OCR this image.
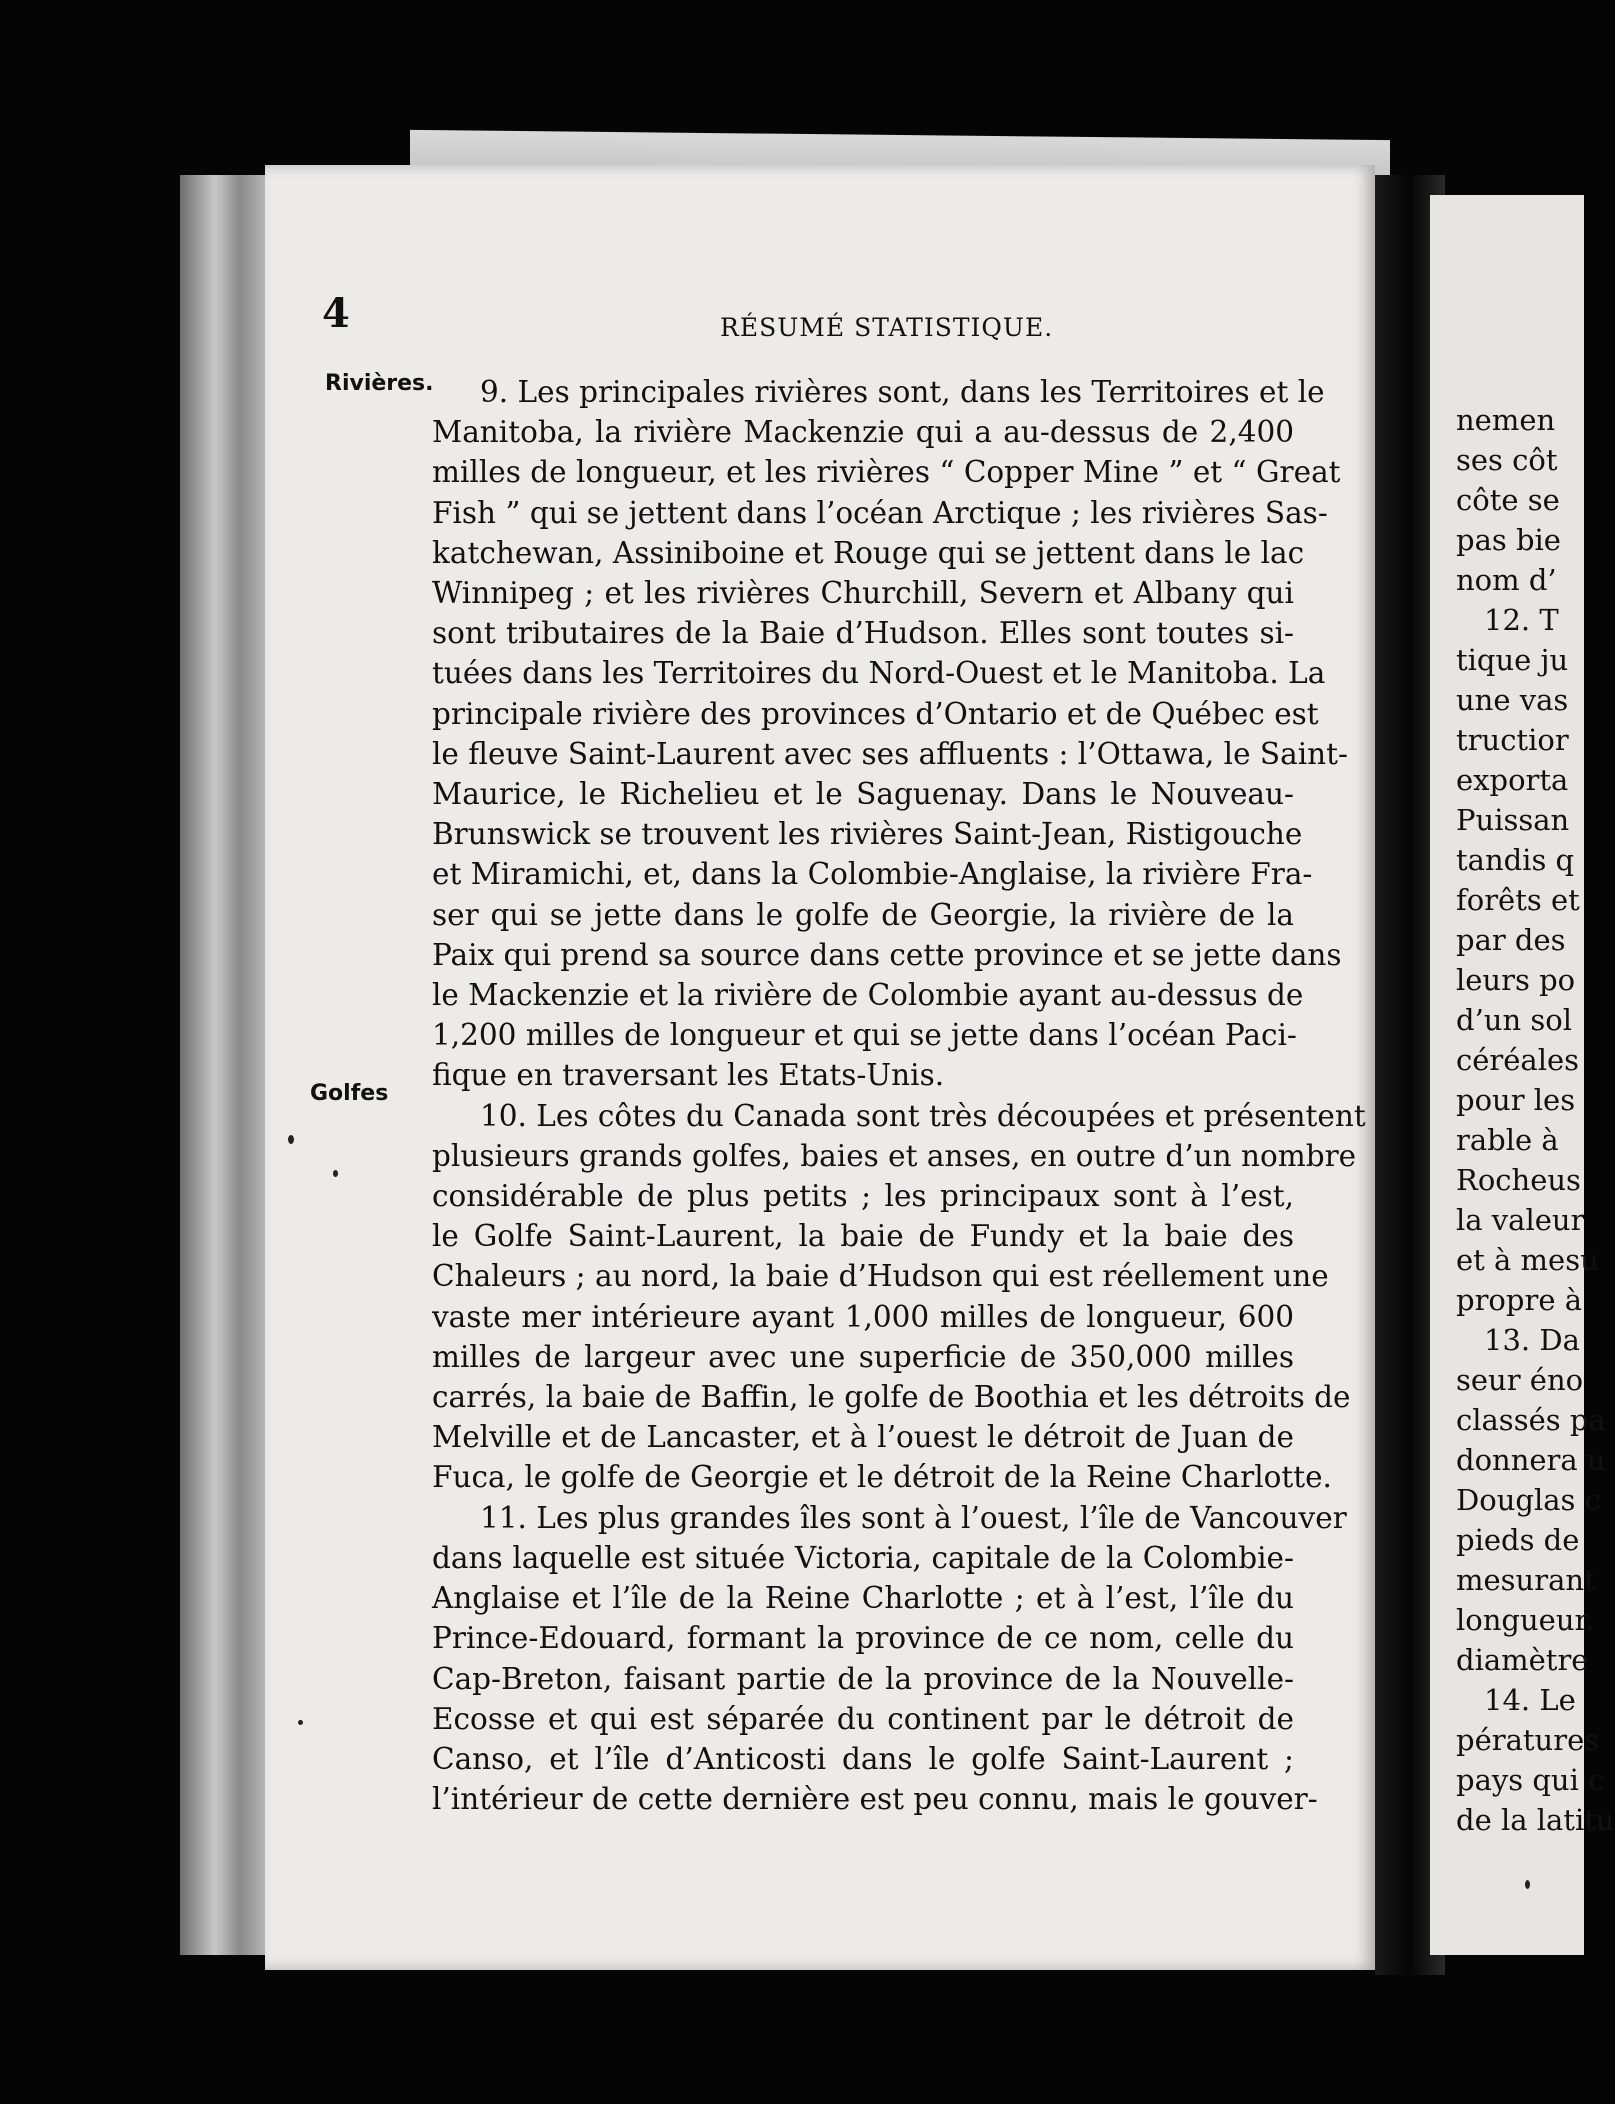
nemen
ses côt
côte se
pas bie
nom d’
12. T
tique ju
une vas
tructior
exporta
Puissan
tandis q
forêts et
par des
leurs po
d’un sol
céréales
pour les
rable à
Rocheus
la valeur
et à mesu
propre à
13. Da
seur éno
classés pa
donnera u
Douglas c
pieds de
mesurant
longueur.
diamètre
14. Le
pératures
pays qui c
de la latitu
4	RÉSUMÉ STATISTIQUE.
Rivières.
Golfes
9. Les principales rivières sont, dans les Territoires et le
Manitoba, la rivière Mackenzie qui a au-dessus de 2,400
milles de longueur, et les rivières “ Copper Mine ” et “ Great
Fish ” qui se jettent dans l’océan Arctique ; les rivières Sas-
katchewan, Assiniboine et Rouge qui se jettent dans le lac
Winnipeg ; et les rivières Churchill, Severn et Albany qui
sont tributaires de la Baie d’Hudson. Elles sont toutes si-
tuées dans les Territoires du Nord-Ouest et le Manitoba. La
principale rivière des provinces d’Ontario et de Québec est
le fleuve Saint-Laurent avec ses affluents : l’Ottawa, le Saint-
Maurice, le Richelieu et le Saguenay. Dans le Nouveau-
Brunswick se trouvent les rivières Saint-Jean, Ristigouche
et Miramichi, et, dans la Colombie-Anglaise, la rivière Fra-
ser qui se jette dans le golfe de Georgie, la rivière de la
Paix qui prend sa source dans cette province et se jette dans
le Mackenzie et la rivière de Colombie ayant au-dessus de
1,200 milles de longueur et qui se jette dans l’océan Paci-
fique en traversant les Etats-Unis.
10. Les côtes du Canada sont très découpées et présentent
plusieurs grands golfes, baies et anses, en outre d’un nombre
considérable de plus petits ; les principaux sont à l’est,
le Golfe Saint-Laurent, la baie de Fundy et la baie des
Chaleurs ; au nord, la baie d’Hudson qui est réellement une
vaste mer intérieure ayant 1,000 milles de longueur, 600
milles de largeur avec une superficie de 350,000 milles
carrés, la baie de Baffin, le golfe de Boothia et les détroits de
Melville et de Lancaster, et à l’ouest le détroit de Juan de
Fuca, le golfe de Georgie et le détroit de la Reine Charlotte.
11. Les plus grandes îles sont à l’ouest, l’île de Vancouver
dans laquelle est située Victoria, capitale de la Colombie-
Anglaise et l’île de la Reine Charlotte ; et à l’est, l’île du
Prince-Edouard, formant la province de ce nom, celle du
Cap-Breton, faisant partie de la province de la Nouvelle-
Ecosse et qui est séparée du continent par le détroit de
Canso, et l’île d’Anticosti dans le golfe Saint-Laurent ;
l’intérieur de cette dernière est peu connu, mais le gouver-
